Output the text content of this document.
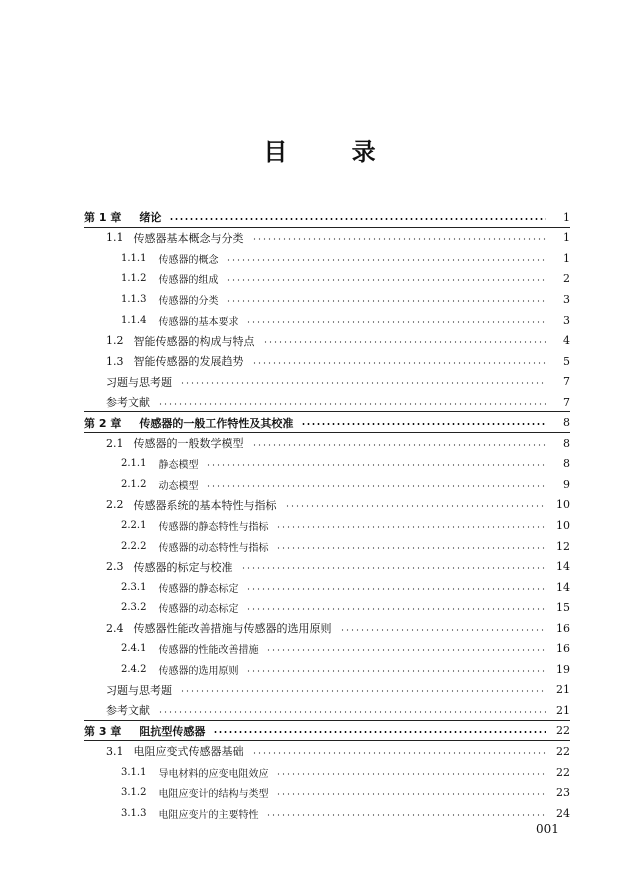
目 录
第 1 章 绪论	1
1.1 传感器基本概念与分类	1
1.1.1 传感器的概念	1
1.1.2 传感器的组成	2
1.1.3 传感器的分类	3
1.1.4 传感器的基本要求	3
1.2 智能传感器的构成与特点	4
1.3 智能传感器的发展趋势	5
习题与思考题	7
参考文献	7
第 2 章 传感器的一般工作特性及其校准	8
2.1 传感器的一般数学模型	8
2.1.1 静态模型	8
2.1.2 动态模型	9
2.2 传感器系统的基本特性与指标	10
2.2.1 传感器的静态特性与指标	10
2.2.2 传感器的动态特性与指标	12
2.3 传感器的标定与校准	14
2.3.1 传感器的静态标定	14
2.3.2 传感器的动态标定	15
2.4 传感器性能改善措施与传感器的选用原则	16
2.4.1 传感器的性能改善措施	16
2.4.2 传感器的选用原则	19
习题与思考题	21
参考文献	21
第 3 章 阻抗型传感器	22
3.1 电阻应变式传感器基础	22
3.1.1 导电材料的应变电阻效应	22
3.1.2 电阻应变计的结构与类型	23
3.1.3 电阻应变片的主要特性	24
001
